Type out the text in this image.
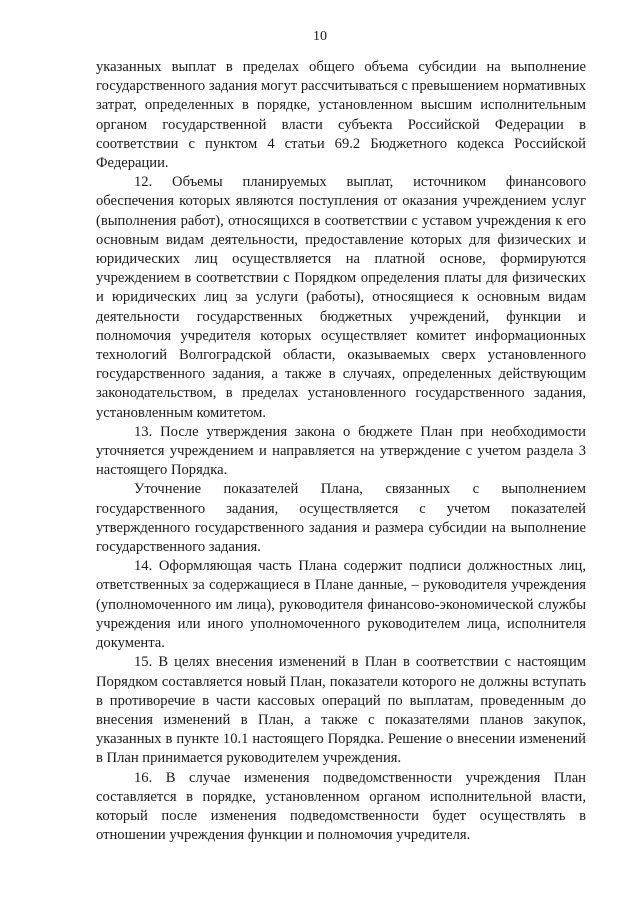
10

указанных выплат в пределах общего объема субсидии на выполнение государственного задания могут рассчитываться с превышением нормативных затрат, определенных в порядке, установленном высшим исполнительным органом государственной власти субъекта Российской Федерации в соответствии с пунктом 4 статьи 69.2 Бюджетного кодекса Российской Федерации.

12. Объемы планируемых выплат, источником финансового обеспечения которых являются поступления от оказания учреждением услуг (выполнения работ), относящихся в соответствии с уставом учреждения к его основным видам деятельности, предоставление которых для физических и юридических лиц осуществляется на платной основе, формируются учреждением в соответствии с Порядком определения платы для физических и юридических лиц за услуги (работы), относящиеся к основным видам деятельности государственных бюджетных учреждений, функции и полномочия учредителя которых осуществляет комитет информационных технологий Волгоградской области, оказываемых сверх установленного государственного задания, а также в случаях, определенных действующим законодательством, в пределах установленного государственного задания, установленным комитетом.

13. После утверждения закона о бюджете План при необходимости уточняется учреждением и направляется на утверждение с учетом раздела 3 настоящего Порядка.

Уточнение показателей Плана, связанных с выполнением государственного задания, осуществляется с учетом показателей утвержденного государственного задания и размера субсидии на выполнение государственного задания.

14. Оформляющая часть Плана содержит подписи должностных лиц, ответственных за содержащиеся в Плане данные, – руководителя учреждения (уполномоченного им лица), руководителя финансово-экономической службы учреждения или иного уполномоченного руководителем лица, исполнителя документа.

15. В целях внесения изменений в План в соответствии с настоящим Порядком составляется новый План, показатели которого не должны вступать в противоречие в части кассовых операций по выплатам, проведенным до внесения изменений в План, а также с показателями планов закупок, указанных в пункте 10.1 настоящего Порядка. Решение о внесении изменений в План принимается руководителем учреждения.

16. В случае изменения подведомственности учреждения План составляется в порядке, установленном органом исполнительной власти, который после изменения подведомственности будет осуществлять в отношении учреждения функции и полномочия учредителя.
